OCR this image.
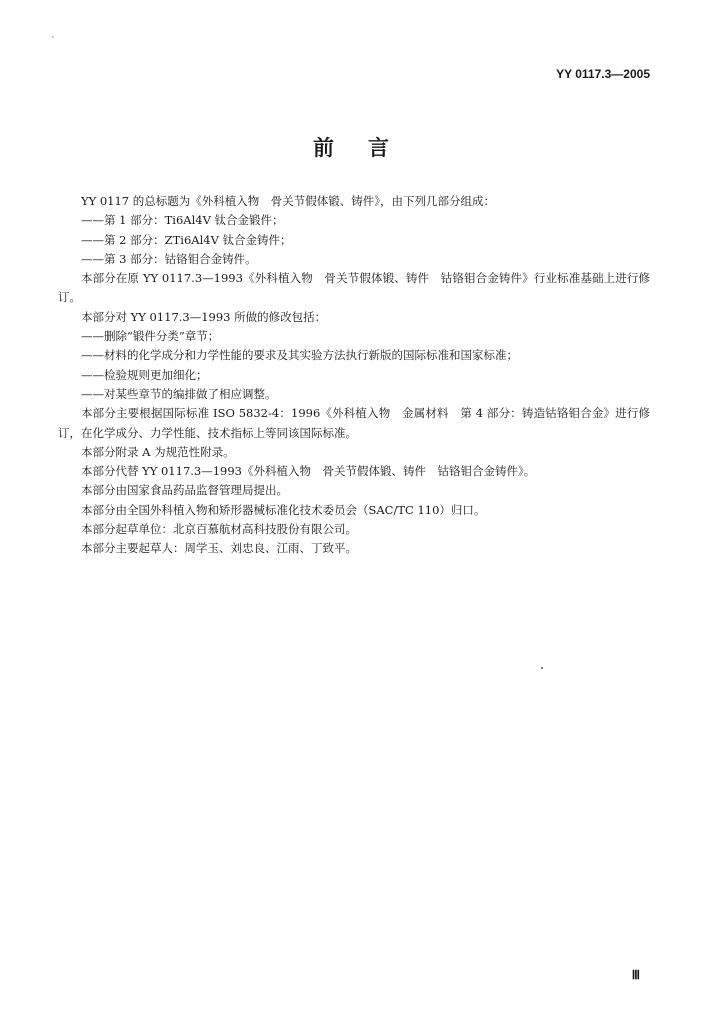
YY 0117.3—2005
前言

YY 0117 的总标题为《外科植入物　骨关节假体锻、铸件》，由下列几部分组成：

——第 1 部分：Ti6Al4V 钛合金锻件；

——第 2 部分：ZTi6Al4V 钛合金铸件；

——第 3 部分：钴铬钼合金铸件。

本部分在原 YY 0117.3—1993《外科植入物　骨关节假体锻、铸件　钴铬钼合金铸件》行业标准基础上进行修订。

本部分对 YY 0117.3—1993 所做的修改包括：

——删除“锻件分类”章节；

——材料的化学成分和力学性能的要求及其实验方法执行新版的国际标准和国家标准；

——检验规则更加细化；

——对某些章节的编排做了相应调整。

本部分主要根据国际标准 ISO 5832-4：1996《外科植入物　金属材料　第 4 部分：铸造钴铬钼合金》进行修订，在化学成分、力学性能、技术指标上等同该国际标准。

本部分附录 A 为规范性附录。

本部分代替 YY 0117.3—1993《外科植入物　骨关节假体锻、铸件　钴铬钼合金铸件》。

本部分由国家食品药品监督管理局提出。

本部分由全国外科植入物和矫形器械标准化技术委员会（SAC/TC 110）归口。

本部分起草单位：北京百慕航材高科技股份有限公司。

本部分主要起草人：周学玉、刘忠良、江雨、丁致平。

Ⅲ
